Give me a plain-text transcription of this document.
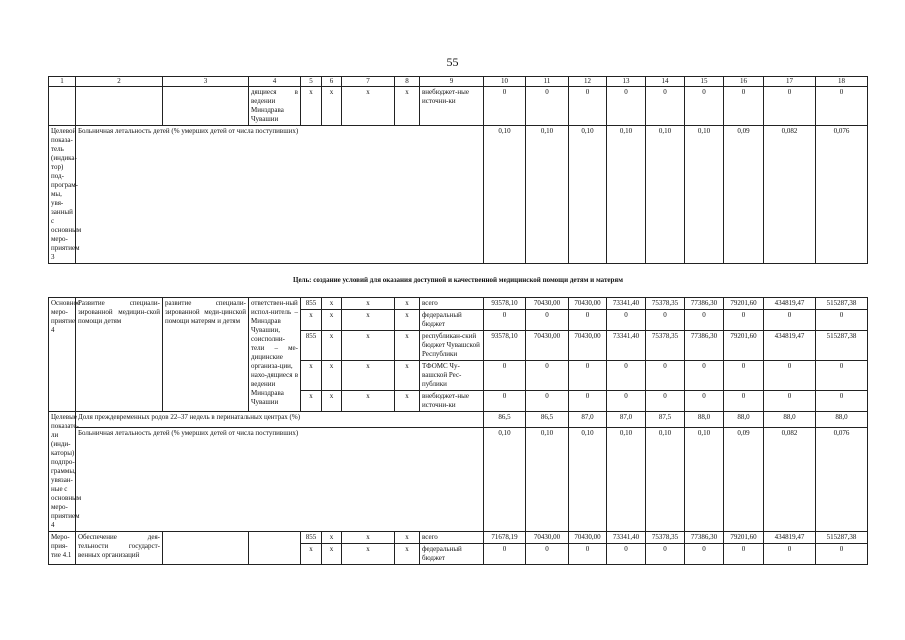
55
1	2	3	4	5	6	7	8	9	10	11	12	13	14	15	16	17	18
			дящиеся в ведении Минздрава Чувашии	x	x	x	x	внебюджет-ные источни-ки	0	0	0	0	0	0	0	0	0
Целевой показа-тель (индика-тор) под-програм-мы, увя-занный с основным меро-приятием 3	Больничная летальность детей (% умерших детей от числа поступивших)								0,10	0,10	0,10	0,10	0,10	0,10	0,09	0,082	0,076
Цель: создание условий для оказания доступной и качественной медицинской помощи детям и матерям																	
Основное меро-приятие 4	Развитие специали-зированной медицин-ской помощи детям	развитие специали-зированной меди-цинской помощи матерям и детям	ответствен-ный испол-нитель – Минздрав Чувашии, соисполни-тели – ме-дицинские организа-ции, нахо-дящиеся в ведении Минздрава Чувашии	855	x	x	x	всего	93578,10	70430,00	70430,00	73341,40	75378,35	77386,30	79201,60	434819,47	515287,38
				x	x	x	x	федеральный бюджет	0	0	0	0	0	0	0	0	0
				855	x	x	x	республикан-ский бюджет Чувашской Республики	93578,10	70430,00	70430,00	73341,40	75378,35	77386,30	79201,60	434819,47	515287,38
				x	x	x	x	ТФОМС Чу-вашской Рес-публики	0	0	0	0	0	0	0	0	0
				x	x	x	x	внебюджет-ные источни-ки	0	0	0	0	0	0	0	0	0
Целевые показате-ли (инди-каторы) подпро-граммы, увязан-ные с основным меро-приятием 4	Доля преждевременных родов 22–37 недель в перинатальных центрах (%)								86,5	86,5	87,0	87,0	87,5	88,0	88,0	88,0	88,0
	Больничная летальность детей (% умерших детей от числа поступивших)								0,10	0,10	0,10	0,10	0,10	0,10	0,09	0,082	0,076
Меро-прия-тие 4.1	Обеспечение дея-тельности государст-венных организаций			855	x	x	x	всего	71678,19	70430,00	70430,00	73341,40	75378,35	77386,30	79201,60	434819,47	515287,38
				x	x	x	x	федеральный бюджет	0	0	0	0	0	0	0	0	0
